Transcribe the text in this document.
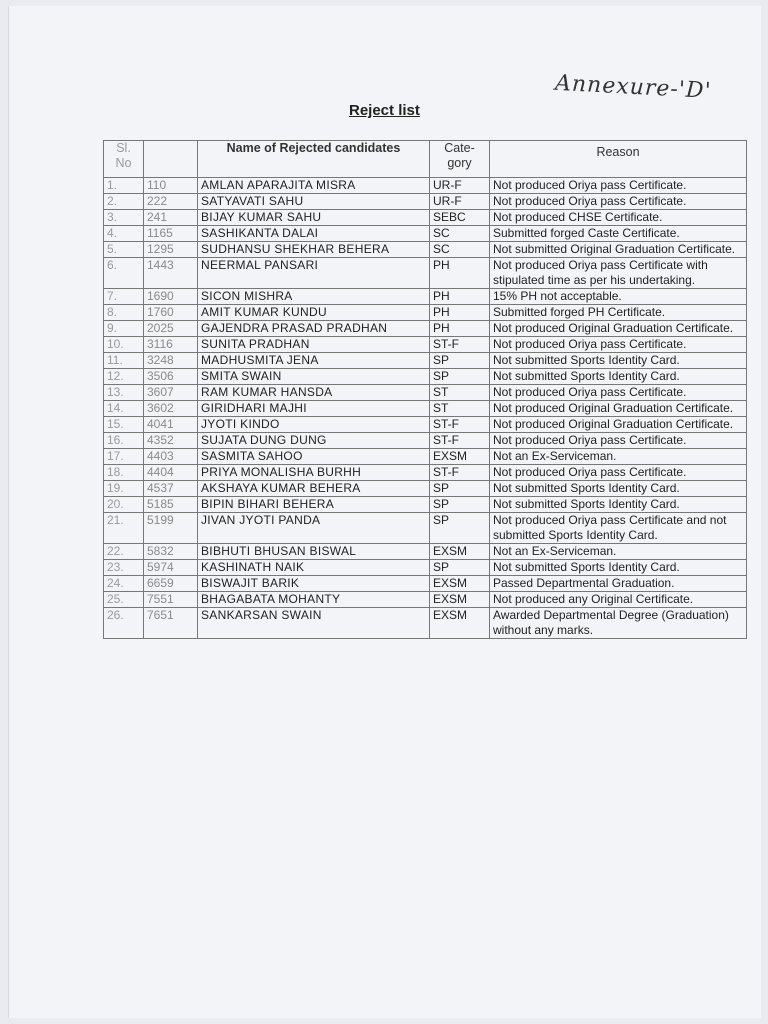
Annexure-'D'
Reject list
Sl. No		Name of Rejected candidates	Cate-gory	Reason
1.	110	AMLAN APARAJITA MISRA	UR-F	Not produced Oriya pass Certificate.
2.	222	SATYAVATI SAHU	UR-F	Not produced Oriya pass Certificate.
3.	241	BIJAY KUMAR SAHU	SEBC	Not produced CHSE Certificate.
4.	1165	SASHIKANTA DALAI	SC	Submitted forged Caste Certificate.
5.	1295	SUDHANSU SHEKHAR BEHERA	SC	Not submitted Original Graduation Certificate.
6.	1443	NEERMAL PANSARI	PH	Not produced Oriya pass Certificate with stipulated time as per his undertaking.
7.	1690	SICON MISHRA	PH	15% PH not acceptable.
8.	1760	AMIT KUMAR KUNDU	PH	Submitted forged PH Certificate.
9.	2025	GAJENDRA PRASAD PRADHAN	PH	Not produced Original Graduation Certificate.
10.	3116	SUNITA PRADHAN	ST-F	Not produced Oriya pass Certificate.
11.	3248	MADHUSMITA JENA	SP	Not submitted Sports Identity Card.
12.	3506	SMITA SWAIN	SP	Not submitted Sports Identity Card.
13.	3607	RAM KUMAR HANSDA	ST	Not produced Oriya pass Certificate.
14.	3602	GIRIDHARI MAJHI	ST	Not produced Original Graduation Certificate.
15.	4041	JYOTI KINDO	ST-F	Not produced Original Graduation Certificate.
16.	4352	SUJATA DUNG DUNG	ST-F	Not produced Oriya pass Certificate.
17.	4403	SASMITA SAHOO	EXSM	Not an Ex-Serviceman.
18.	4404	PRIYA MONALISHA BURHH	ST-F	Not produced Oriya pass Certificate.
19.	4537	AKSHAYA KUMAR BEHERA	SP	Not submitted Sports Identity Card.
20.	5185	BIPIN BIHARI BEHERA	SP	Not submitted Sports Identity Card.
21.	5199	JIVAN JYOTI PANDA	SP	Not produced Oriya pass Certificate and not submitted Sports Identity Card.
22.	5832	BIBHUTI BHUSAN BISWAL	EXSM	Not an Ex-Serviceman.
23.	5974	KASHINATH NAIK	SP	Not submitted Sports Identity Card.
24.	6659	BISWAJIT BARIK	EXSM	Passed Departmental Graduation.
25.	7551	BHAGABATA MOHANTY	EXSM	Not produced any Original Certificate.
26.	7651	SANKARSAN SWAIN	EXSM	Awarded Departmental Degree (Graduation) without any marks.
